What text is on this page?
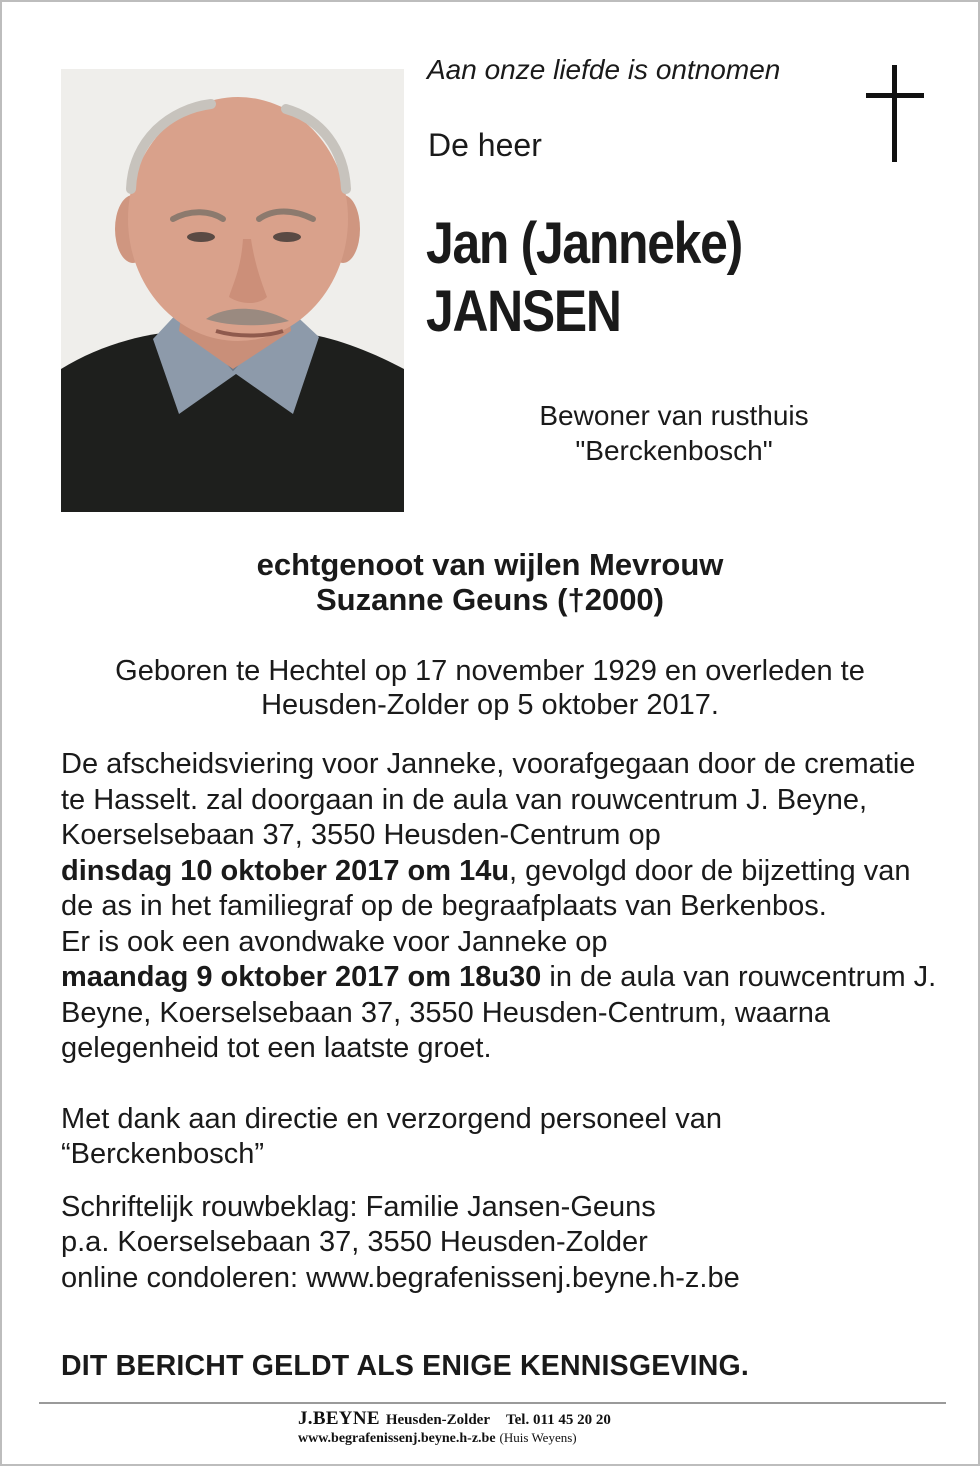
Aan onze liefde is ontnomen
De heer
Jan (Janneke)
JANSEN
Bewoner van rusthuis
"Berckenbosch"
echtgenoot van wijlen Mevrouw
Suzanne Geuns (†2000)
Geboren te Hechtel op 17 november 1929 en overleden te
Heusden-Zolder op 5 oktober 2017.

De afscheidsviering voor Janneke, voorafgegaan door de crematie te Hasselt. zal doorgaan in de aula van rouwcentrum J. Beyne, Koerselsebaan 37, 3550 Heusden-Centrum op
dinsdag 10 oktober 2017 om 14u, gevolgd door de bijzetting van de as in het familiegraf op de begraafplaats van Berkenbos.

Er is ook een avondwake voor Janneke op
maandag 9 oktober 2017 om 18u30 in de aula van rouwcentrum J. Beyne, Koerselsebaan 37, 3550 Heusden-Centrum, waarna gelegenheid tot een laatste groet.

Met dank aan directie en verzorgend personeel van
“Berckenbosch”

Schriftelijk rouwbeklag: Familie Jansen-Geuns
p.a. Koerselsebaan 37, 3550 Heusden-Zolder
online condoleren: www.begrafenissenj.beyne.h-z.be

DIT BERICHT GELDT ALS ENIGE KENNISGEVING.
J.BEYNE Heusden-Zolder Tel. 011 45 20 20
www.begrafenissenj.beyne.h-z.be (Huis Weyens)
